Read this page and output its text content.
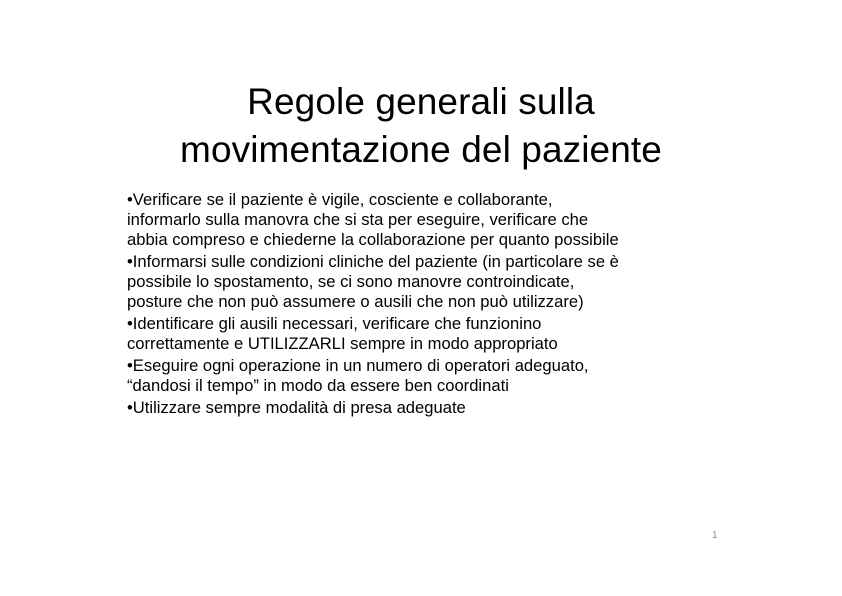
Regole generali sulla
movimentazione del paziente
•Verificare se il paziente è vigile, cosciente e collaborante,
informarlo sulla manovra che si sta per eseguire, verificare che
abbia compreso e chiederne la collaborazione per quanto possibile
•Informarsi sulle condizioni cliniche del paziente (in particolare se è
possibile lo spostamento, se ci sono manovre controindicate,
posture che non può assumere o ausili che non può utilizzare)
•Identificare gli ausili necessari, verificare che funzionino
correttamente e UTILIZZARLI sempre in modo appropriato
•Eseguire ogni operazione in un numero di operatori adeguato,
“dandosi il tempo” in modo da essere ben coordinati
•Utilizzare sempre modalità di presa adeguate
1
